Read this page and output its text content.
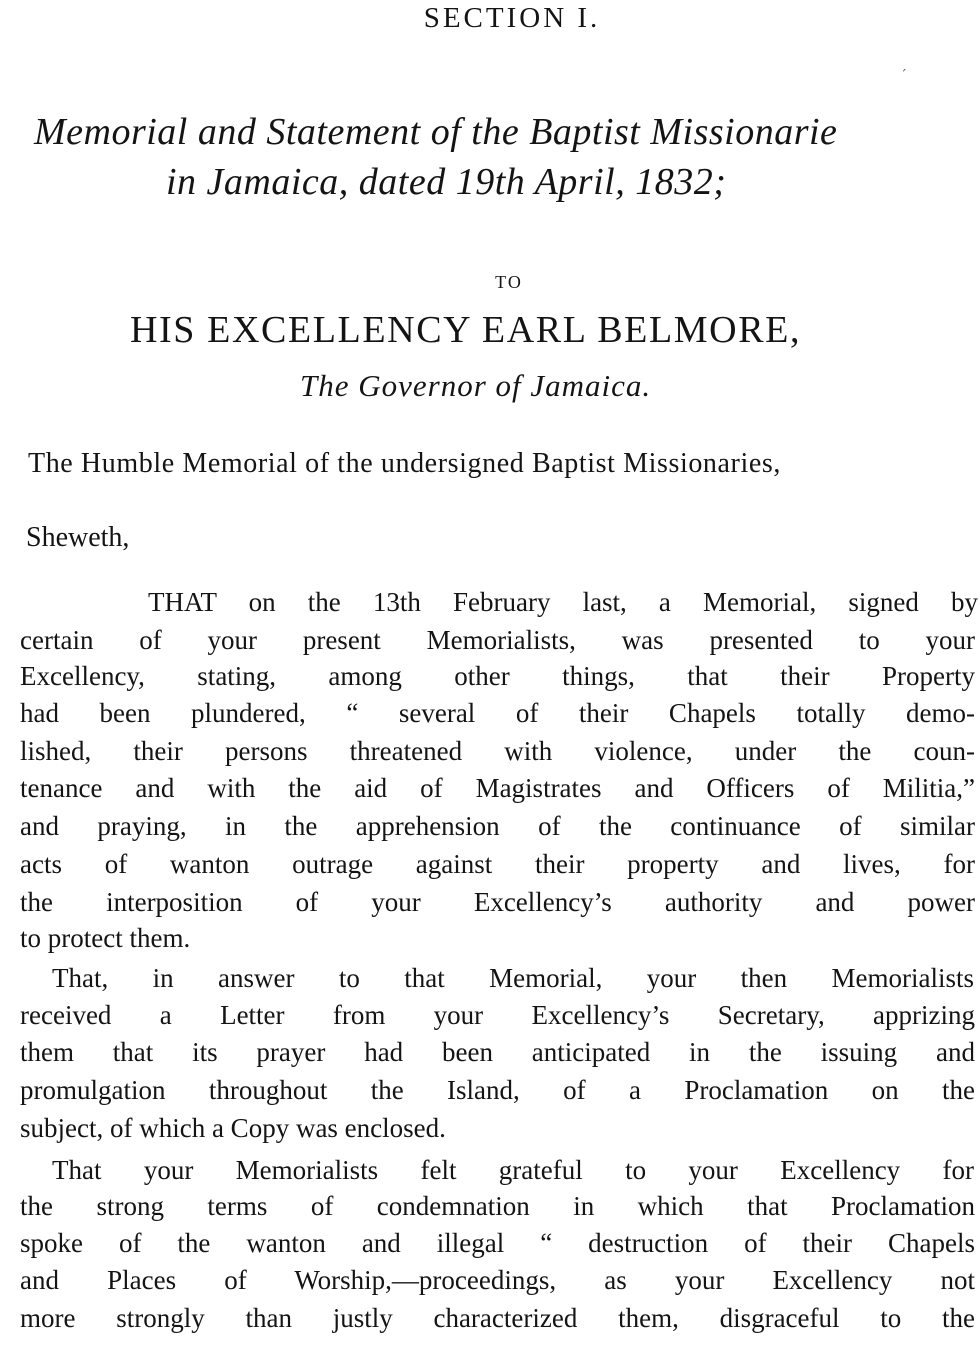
SECTION I.
ˊ
Memorial and Statement of the Baptist Missionarie
in Jamaica, dated 19th April, 1832;
TO
HIS EXCELLENCY EARL BELMORE,
The Governor of Jamaica.
The Humble Memorial of the undersigned Baptist Missionaries,
Sheweth,
THAT on the 13th February last, a Memorial, signed by
certain of your present Memorialists, was presented to your
Excellency, stating, among other things, that their Property
had been plundered, “ several of their Chapels totally demo-
lished, their persons threatened with violence, under the coun-
tenance and with the aid of Magistrates and Officers of Militia,”
and praying, in the apprehension of the continuance of similar
acts of wanton outrage against their property and lives, for
the interposition of your Excellency’s authority and power
to protect them.
That, in answer to that Memorial, your then Memorialists
received a Letter from your Excellency’s Secretary, apprizing
them that its prayer had been anticipated in the issuing and
promulgation throughout the Island, of a Proclamation on the
subject, of which a Copy was enclosed.
That your Memorialists felt grateful to your Excellency for
the strong terms of condemnation in which that Proclamation
spoke of the wanton and illegal “ destruction of their Chapels
and Places of Worship,—proceedings, as your Excellency not
more strongly than justly characterized them, disgraceful to the
